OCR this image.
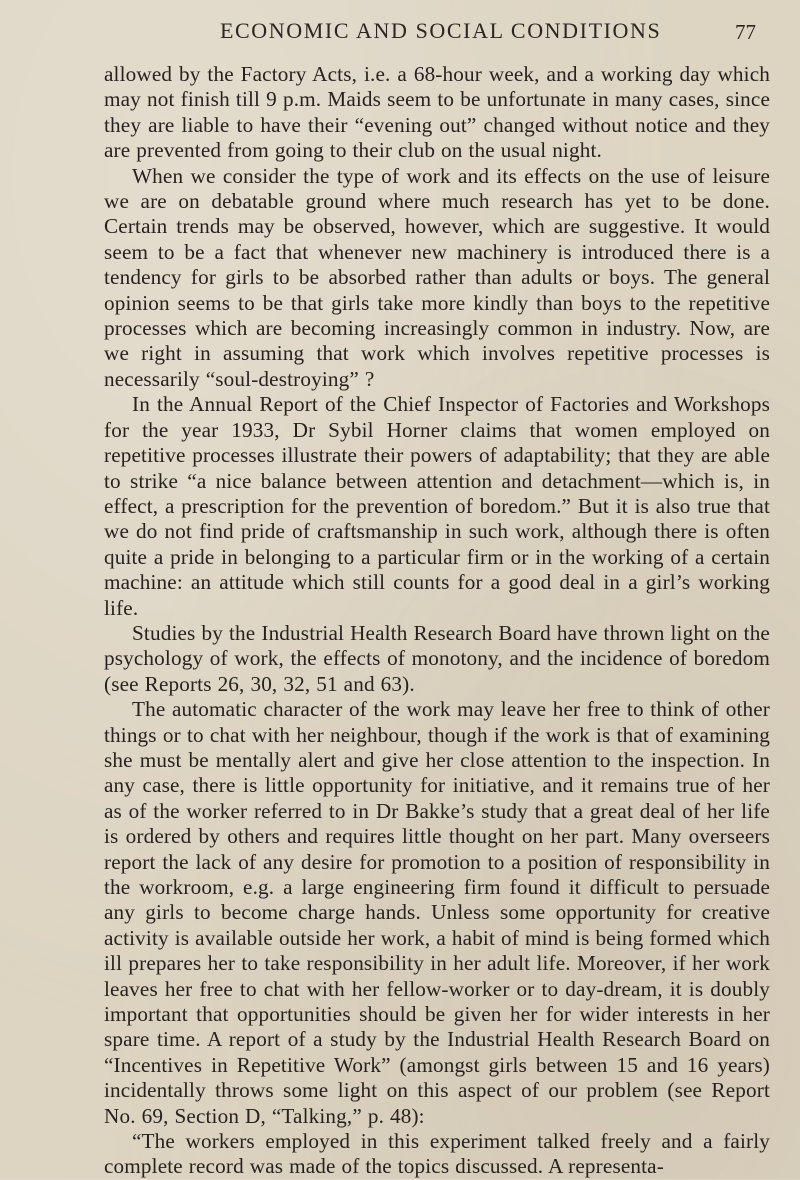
ECONOMIC AND SOCIAL CONDITIONS	77

allowed by the Factory Acts, i.e. a 68-hour week, and a working day which may not finish till 9 p.m. Maids seem to be unfortunate in many cases, since they are liable to have their “evening out” changed without notice and they are prevented from going to their club on the usual night.

When we consider the type of work and its effects on the use of leisure we are on debatable ground where much research has yet to be done. Certain trends may be observed, however, which are suggestive. It would seem to be a fact that whenever new machinery is introduced there is a tendency for girls to be absorbed rather than adults or boys. The general opinion seems to be that girls take more kindly than boys to the repetitive processes which are becoming increasingly common in industry. Now, are we right in assuming that work which involves repetitive processes is necessarily “soul-destroying” ?

In the Annual Report of the Chief Inspector of Factories and Workshops for the year 1933, Dr Sybil Horner claims that women employed on repetitive processes illustrate their powers of adaptability; that they are able to strike “a nice balance between attention and detachment—which is, in effect, a prescription for the prevention of boredom.” But it is also true that we do not find pride of craftsmanship in such work, although there is often quite a pride in belonging to a particular firm or in the working of a certain machine: an attitude which still counts for a good deal in a girl’s working life.

Studies by the Industrial Health Research Board have thrown light on the psychology of work, the effects of monotony, and the incidence of boredom (see Reports 26, 30, 32, 51 and 63).

The automatic character of the work may leave her free to think of other things or to chat with her neighbour, though if the work is that of examining she must be mentally alert and give her close attention to the inspection. In any case, there is little opportunity for initiative, and it remains true of her as of the worker referred to in Dr Bakke’s study that a great deal of her life is ordered by others and requires little thought on her part. Many overseers report the lack of any desire for promotion to a position of responsibility in the workroom, e.g. a large engineering firm found it difficult to persuade any girls to become charge hands. Unless some opportunity for creative activity is available outside her work, a habit of mind is being formed which ill prepares her to take responsibility in her adult life. Moreover, if her work leaves her free to chat with her fellow-worker or to day-dream, it is doubly important that opportunities should be given her for wider interests in her spare time. A report of a study by the Industrial Health Research Board on “Incentives in Repetitive Work” (amongst girls between 15 and 16 years) incidentally throws some light on this aspect of our problem (see Report No. 69, Section D, “Talking,” p. 48):

“The workers employed in this experiment talked freely and a fairly complete record was made of the topics discussed. A representa-
